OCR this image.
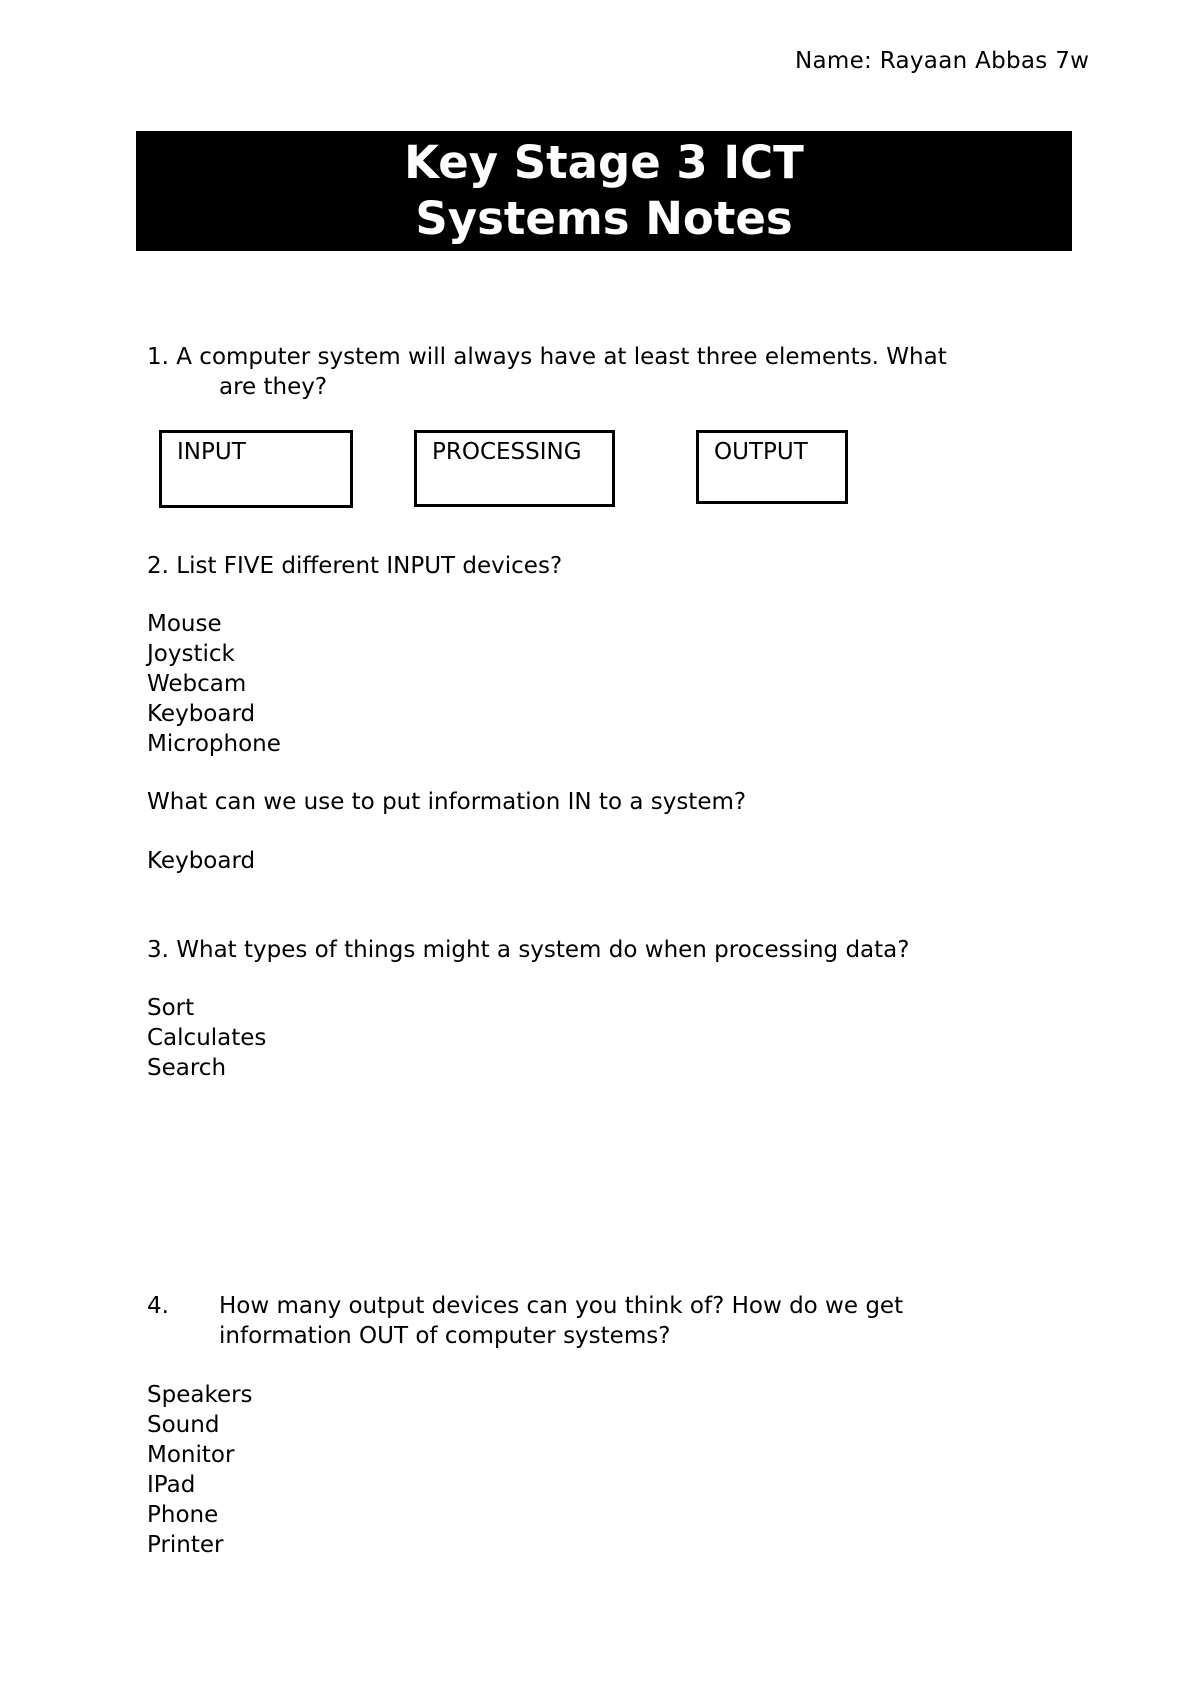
Name: Rayaan Abbas 7w
Key Stage 3 ICT
Systems Notes
1. A computer system will always have at least three elements. What
are they?
INPUT	PROCESSING	OUTPUT
2. List FIVE different INPUT devices?
Mouse
Joystick
Webcam
Keyboard
Microphone
What can we use to put information IN to a system?
Keyboard
3. What types of things might a system do when processing data?
Sort
Calculates
Search
4. How many output devices can you think of? How do we get
information OUT of computer systems?
Speakers
Sound
Monitor
IPad
Phone
Printer
